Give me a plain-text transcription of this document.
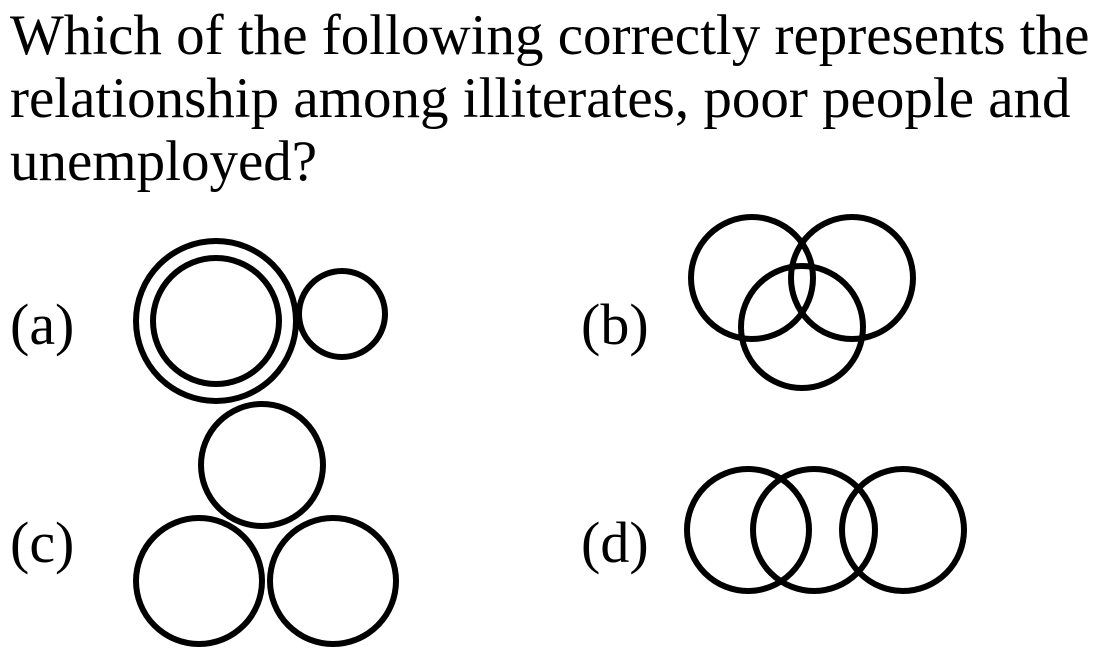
Which of the following correctly represents the
relationship among illiterates, poor people and
unemployed?

(a)	(b)
(c)	(d)
